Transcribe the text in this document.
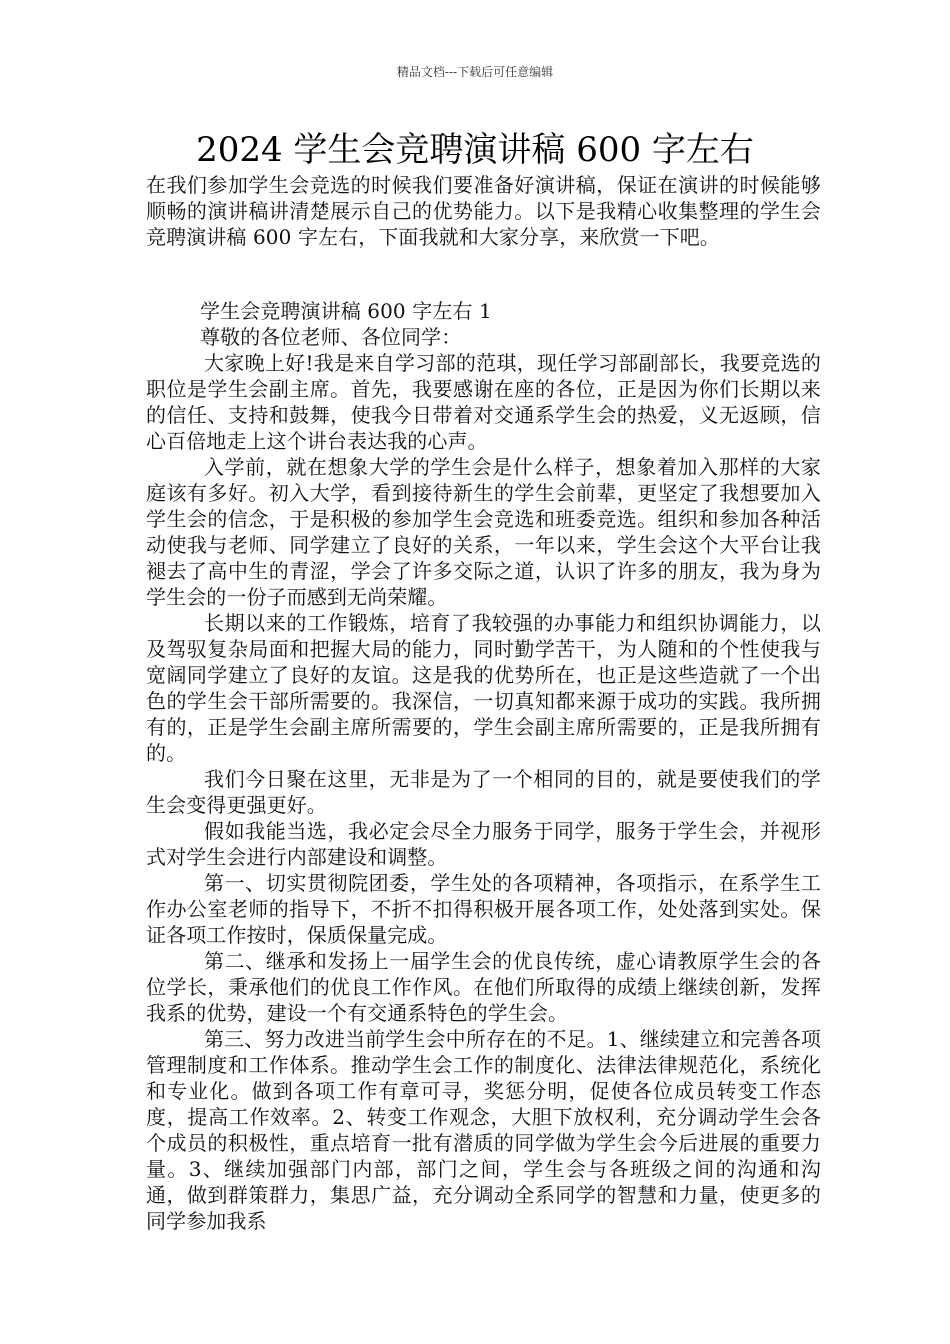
精品文档---下载后可任意编辑
2024 学生会竞聘演讲稿 600 字左右

在我们参加学生会竞选的时候我们要准备好演讲稿，保证在演讲的时候能够顺畅的演讲稿讲清楚展示自己的优势能力。以下是我精心收集整理的学生会竞聘演讲稿 600 字左右，下面我就和大家分享，来欣赏一下吧。

学生会竞聘演讲稿 600 字左右 1

尊敬的各位老师、各位同学：

大家晚上好!我是来自学习部的范琪，现任学习部副部长，我要竞选的职位是学生会副主席。首先，我要感谢在座的各位，正是因为你们长期以来的信任、支持和鼓舞，使我今日带着对交通系学生会的热爱，义无返顾，信心百倍地走上这个讲台表达我的心声。

入学前，就在想象大学的学生会是什么样子，想象着加入那样的大家庭该有多好。初入大学，看到接待新生的学生会前辈，更坚定了我想要加入学生会的信念，于是积极的参加学生会竞选和班委竞选。组织和参加各种活动使我与老师、同学建立了良好的关系，一年以来，学生会这个大平台让我褪去了高中生的青涩，学会了许多交际之道，认识了许多的朋友，我为身为学生会的一份子而感到无尚荣耀。

长期以来的工作锻炼，培育了我较强的办事能力和组织协调能力，以及驾驭复杂局面和把握大局的能力，同时勤学苦干，为人随和的个性使我与宽阔同学建立了良好的友谊。这是我的优势所在，也正是这些造就了一个出色的学生会干部所需要的。我深信，一切真知都来源于成功的实践。我所拥有的，正是学生会副主席所需要的，学生会副主席所需要的，正是我所拥有的。

我们今日聚在这里，无非是为了一个相同的目的，就是要使我们的学生会变得更强更好。

假如我能当选，我必定会尽全力服务于同学，服务于学生会，并视形式对学生会进行内部建设和调整。

第一、切实贯彻院团委，学生处的各项精神，各项指示，在系学生工作办公室老师的指导下，不折不扣得积极开展各项工作，处处落到实处。保证各项工作按时，保质保量完成。

第二、继承和发扬上一届学生会的优良传统，虚心请教原学生会的各位学长，秉承他们的优良工作作风。在他们所取得的成绩上继续创新，发挥我系的优势，建设一个有交通系特色的学生会。

第三、努力改进当前学生会中所存在的不足。1、继续建立和完善各项管理制度和工作体系。推动学生会工作的制度化、法律法律规范化，系统化和专业化。做到各项工作有章可寻，奖惩分明，促使各位成员转变工作态度，提高工作效率。2、转变工作观念，大胆下放权利，充分调动学生会各个成员的积极性，重点培育一批有潜质的同学做为学生会今后进展的重要力量。3、继续加强部门内部，部门之间，学生会与各班级之间的沟通和沟通，做到群策群力，集思广益，充分调动全系同学的智慧和力量，使更多的同学参加我系
